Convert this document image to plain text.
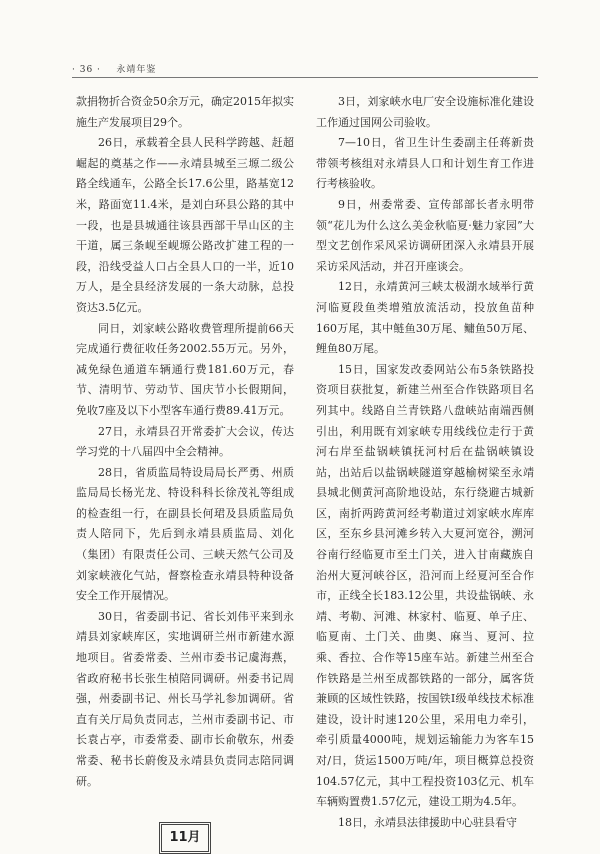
· 36 · 永靖年鉴

款捐物折合资金50余万元，确定2015年拟实施生产发展项目29个。

26日，承载着全县人民科学跨越、赶超崛起的奠基之作——永靖县城至三塬二级公路全线通车，公路全长17.6公里，路基宽12米，路面宽11.4米，是刘白环县公路的其中一段，也是县城通往该县西部干旱山区的主干道，属三条岘至岘塬公路改扩建工程的一段，沿线受益人口占全县人口的一半，近10万人，是全县经济发展的一条大动脉，总投资达3.5亿元。

同日，刘家峡公路收费管理所提前66天完成通行费征收任务2002.55万元。另外，减免绿色通道车辆通行费181.60万元，春节、清明节、劳动节、国庆节小长假期间，免收7座及以下小型客车通行费89.41万元。

27日，永靖县召开常委扩大会议，传达学习党的十八届四中全会精神。

28日，省质监局特设局局长严勇、州质监局局长杨光龙、特设科科长徐茂礼等组成的检查组一行，在副县长何珺及县质监局负责人陪同下，先后到永靖县质监局、刘化（集团）有限责任公司、三峡天然气公司及刘家峡液化气站，督察检查永靖县特种设备安全工作开展情况。

30日，省委副书记、省长刘伟平来到永靖县刘家峡库区，实地调研兰州市新建水源地项目。省委常委、兰州市委书记虞海燕，省政府秘书长张生楨陪同调研。州委书记周强，州委副书记、州长马学礼参加调研。省直有关厅局负责同志，兰州市委副书记、市长袁占亭，市委常委、副市长俞敬东，州委常委、秘书长蔚俊及永靖县负责同志陪同调研。

11月

3日，刘家峡水电厂安全设施标准化建设工作通过国网公司验收。

7—10日，省卫生计生委副主任蒋新贵带领考核组对永靖县人口和计划生育工作进行考核验收。

9日，州委常委、宣传部部长者永明带领“花儿为什么这么美金秋临夏·魅力家园”大型文艺创作采风采访调研团深入永靖县开展采访采风活动，并召开座谈会。

12日，永靖黄河三峡太极湖水域举行黄河临夏段鱼类增殖放流活动，投放鱼苗种160万尾，其中鲢鱼30万尾、鳙鱼50万尾、鲤鱼80万尾。

15日，国家发改委网站公布5条铁路投资项目获批复，新建兰州至合作铁路项目名列其中。线路自兰青铁路八盘峡站南端西侧引出，利用既有刘家峡专用线线位走行于黄河右岸至盐锅峡镇抚河村后在盐锅峡镇设站，出站后以盐锅峡隧道穿越榆树梁至永靖县城北侧黄河高阶地设站，东行绕避古城新区，南折两跨黄河经考勒道过刘家峡水库库区，至东乡县河滩乡转入大夏河宽谷，溯河谷南行经临夏市至土门关，进入甘南藏族自治州大夏河峡谷区，沿河而上经夏河至合作市，正线全长183.12公里，共设盐锅峡、永靖、考勒、河滩、林家村、临夏、单子庄、临夏南、土门关、曲奥、麻当、夏河、拉乘、香拉、合作等15座车站。新建兰州至合作铁路是兰州至成都铁路的一部分，属客货兼顾的区域性铁路，按国铁Ⅰ级单线技术标准建设，设计时速120公里，采用电力牵引，牵引质量4000吨，规划运输能力为客车15对/日，货运1500万吨/年，项目概算总投资104.57亿元，其中工程投资103亿元、机车车辆购置费1.57亿元，建设工期为4.5年。

18日，永靖县法律援助中心驻县看守
